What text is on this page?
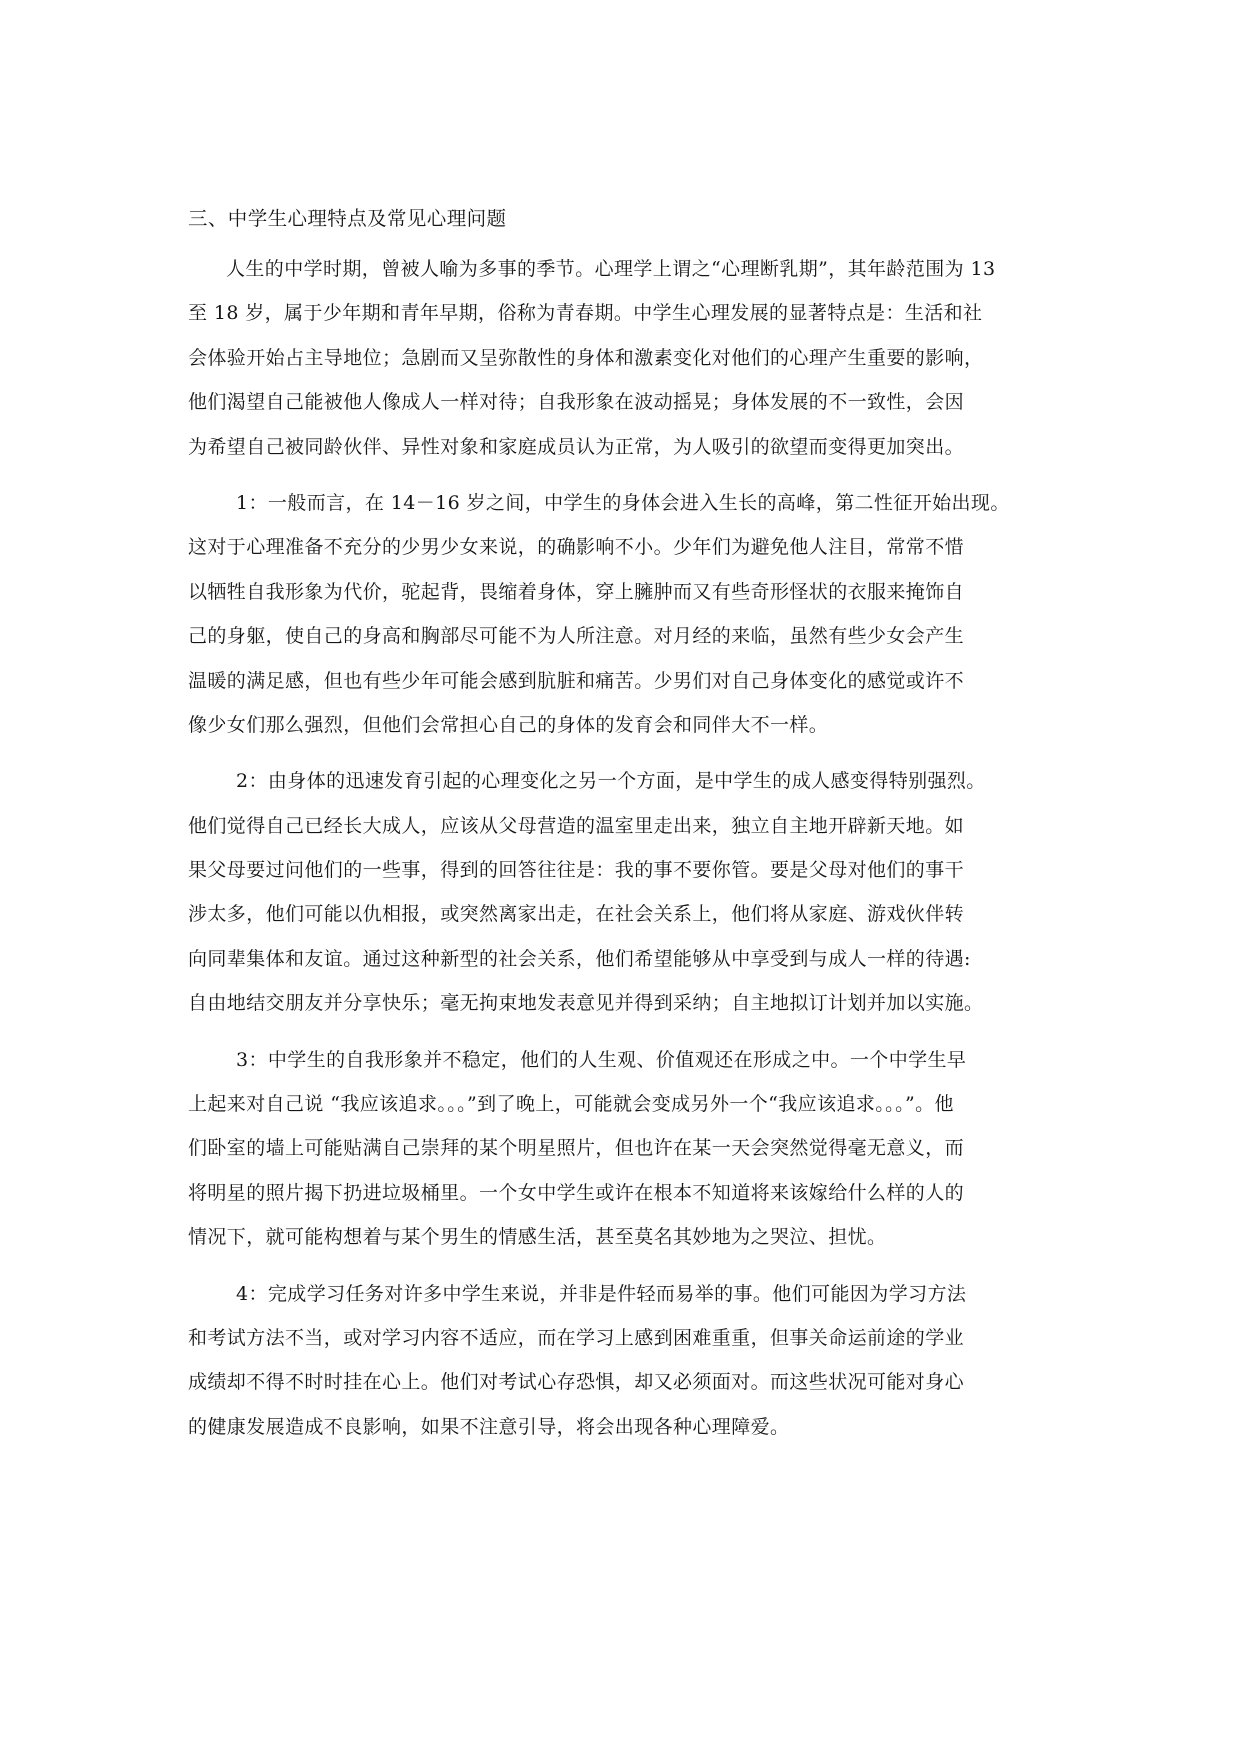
三、中学生心理特点及常见心理问题
人生的中学时期，曾被人喻为多事的季节。心理学上谓之“心理断乳期”，其年龄范围为 13
至 18 岁，属于少年期和青年早期，俗称为青春期。中学生心理发展的显著特点是：生活和社
会体验开始占主导地位；急剧而又呈弥散性的身体和激素变化对他们的心理产生重要的影响，
他们渴望自己能被他人像成人一样对待；自我形象在波动摇晃；身体发展的不一致性，会因
为希望自己被同龄伙伴、异性对象和家庭成员认为正常，为人吸引的欲望而变得更加突出。
1：一般而言，在 14－16 岁之间，中学生的身体会进入生长的高峰，第二性征开始出现。
这对于心理准备不充分的少男少女来说，的确影响不小。少年们为避免他人注目，常常不惜
以牺牲自我形象为代价，驼起背，畏缩着身体，穿上臃肿而又有些奇形怪状的衣服来掩饰自
己的身躯，使自己的身高和胸部尽可能不为人所注意。对月经的来临，虽然有些少女会产生
温暖的满足感，但也有些少年可能会感到肮脏和痛苦。少男们对自己身体变化的感觉或许不
像少女们那么强烈，但他们会常担心自己的身体的发育会和同伴大不一样。
2：由身体的迅速发育引起的心理变化之另一个方面，是中学生的成人感变得特别强烈。
他们觉得自己已经长大成人，应该从父母营造的温室里走出来，独立自主地开辟新天地。如
果父母要过问他们的一些事，得到的回答往往是：我的事不要你管。要是父母对他们的事干
涉太多，他们可能以仇相报，或突然离家出走，在社会关系上，他们将从家庭、游戏伙伴转
向同辈集体和友谊。通过这种新型的社会关系，他们希望能够从中享受到与成人一样的待遇:
自由地结交朋友并分享快乐；毫无拘束地发表意见并得到采纳；自主地拟订计划并加以实施。
3：中学生的自我形象并不稳定，他们的人生观、价值观还在形成之中。一个中学生早
上起来对自己说 “我应该追求。。。”到了晚上，可能就会变成另外一个“我应该追求。。。”。他
们卧室的墙上可能贴满自己崇拜的某个明星照片，但也许在某一天会突然觉得毫无意义，而
将明星的照片揭下扔进垃圾桶里。一个女中学生或许在根本不知道将来该嫁给什么样的人的
情况下，就可能构想着与某个男生的情感生活，甚至莫名其妙地为之哭泣、担忧。
4：完成学习任务对许多中学生来说，并非是件轻而易举的事。他们可能因为学习方法
和考试方法不当，或对学习内容不适应，而在学习上感到困难重重，但事关命运前途的学业
成绩却不得不时时挂在心上。他们对考试心存恐惧，却又必须面对。而这些状况可能对身心
的健康发展造成不良影响，如果不注意引导，将会出现各种心理障爱。
